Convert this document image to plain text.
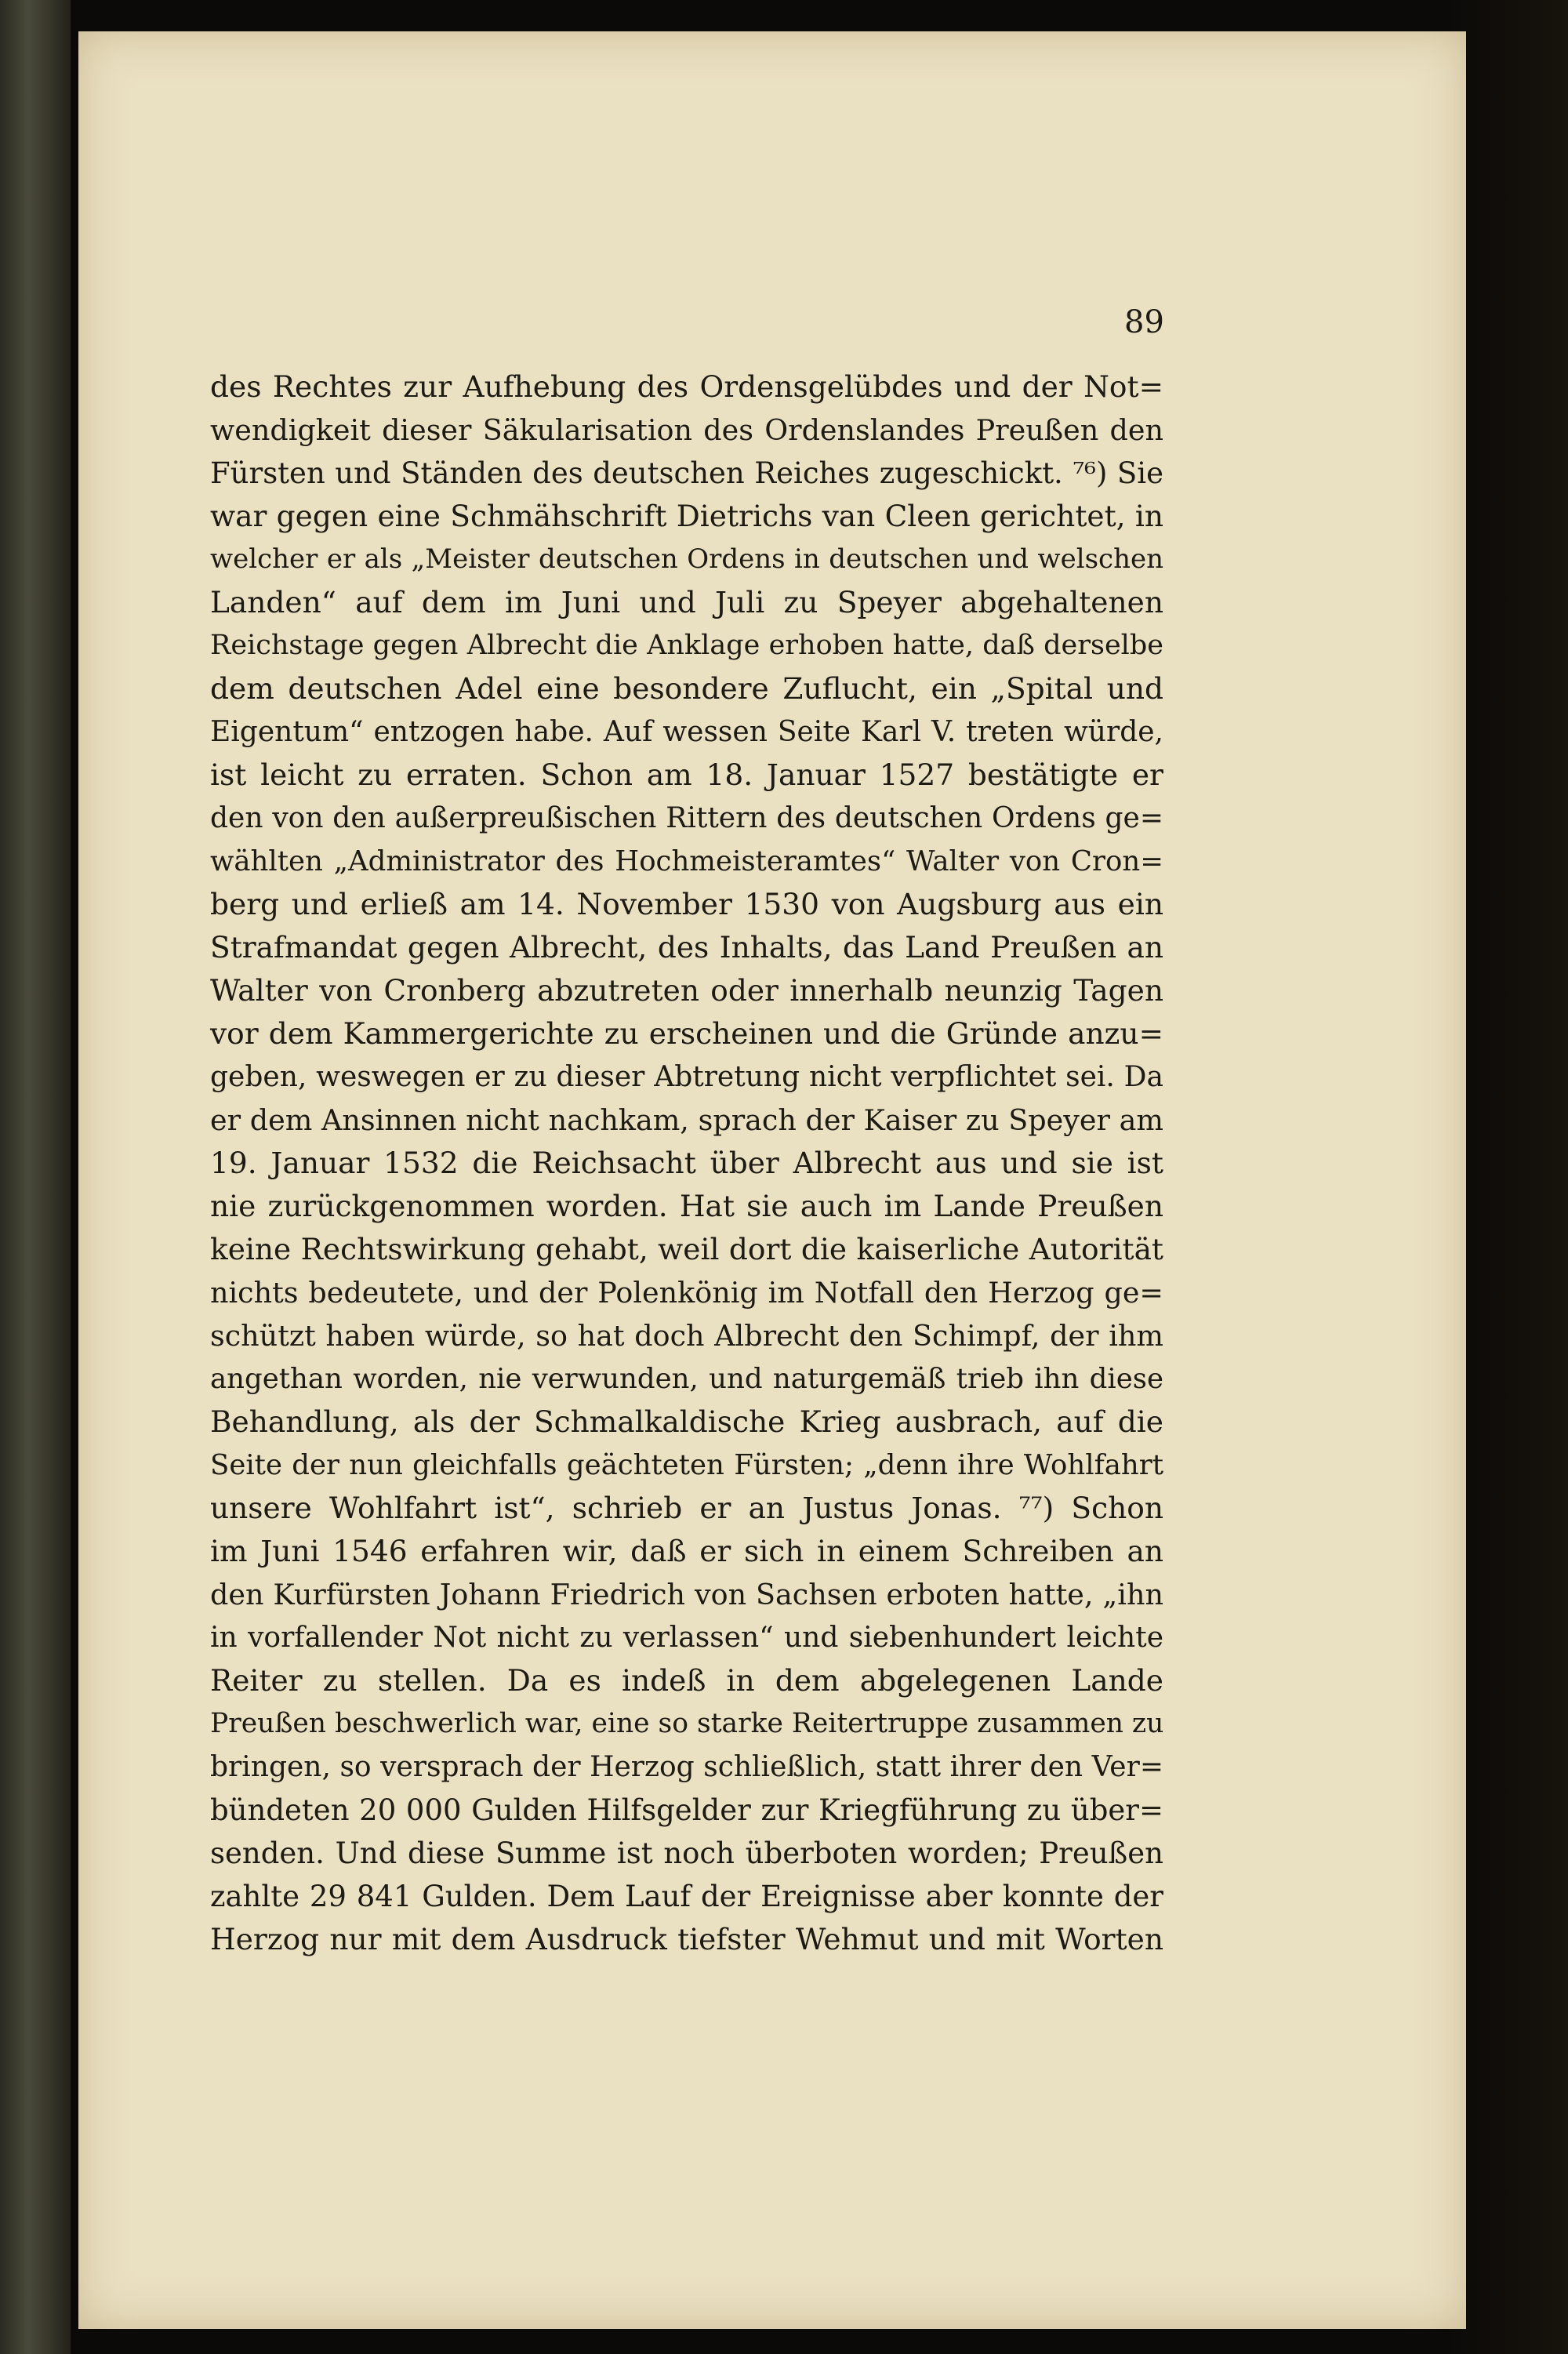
89
des Rechtes zur Aufhebung des Ordensgelübdes und der Not=
wendigkeit dieser Säkularisation des Ordenslandes Preußen den
Fürsten und Ständen des deutschen Reiches zugeschickt. ⁷⁶) Sie
war gegen eine Schmähschrift Dietrichs van Cleen gerichtet, in
welcher er als „Meister deutschen Ordens in deutschen und welschen
Landen“ auf dem im Juni und Juli zu Speyer abgehaltenen
Reichstage gegen Albrecht die Anklage erhoben hatte, daß derselbe
dem deutschen Adel eine besondere Zuflucht, ein „Spital und
Eigentum“ entzogen habe. Auf wessen Seite Karl V. treten würde,
ist leicht zu erraten. Schon am 18. Januar 1527 bestätigte er
den von den außerpreußischen Rittern des deutschen Ordens ge=
wählten „Administrator des Hochmeisteramtes“ Walter von Cron=
berg und erließ am 14. November 1530 von Augsburg aus ein
Strafmandat gegen Albrecht, des Inhalts, das Land Preußen an
Walter von Cronberg abzutreten oder innerhalb neunzig Tagen
vor dem Kammergerichte zu erscheinen und die Gründe anzu=
geben, weswegen er zu dieser Abtretung nicht verpflichtet sei. Da
er dem Ansinnen nicht nachkam, sprach der Kaiser zu Speyer am
19. Januar 1532 die Reichsacht über Albrecht aus und sie ist
nie zurückgenommen worden. Hat sie auch im Lande Preußen
keine Rechtswirkung gehabt, weil dort die kaiserliche Autorität
nichts bedeutete, und der Polenkönig im Notfall den Herzog ge=
schützt haben würde, so hat doch Albrecht den Schimpf, der ihm
angethan worden, nie verwunden, und naturgemäß trieb ihn diese
Behandlung, als der Schmalkaldische Krieg ausbrach, auf die
Seite der nun gleichfalls geächteten Fürsten; „denn ihre Wohlfahrt
unsere Wohlfahrt ist“, schrieb er an Justus Jonas. ⁷⁷) Schon
im Juni 1546 erfahren wir, daß er sich in einem Schreiben an
den Kurfürsten Johann Friedrich von Sachsen erboten hatte, „ihn
in vorfallender Not nicht zu verlassen“ und siebenhundert leichte
Reiter zu stellen. Da es indeß in dem abgelegenen Lande
Preußen beschwerlich war, eine so starke Reitertruppe zusammen zu
bringen, so versprach der Herzog schließlich, statt ihrer den Ver=
bündeten 20 000 Gulden Hilfsgelder zur Kriegführung zu über=
senden. Und diese Summe ist noch überboten worden; Preußen
zahlte 29 841 Gulden. Dem Lauf der Ereignisse aber konnte der
Herzog nur mit dem Ausdruck tiefster Wehmut und mit Worten
